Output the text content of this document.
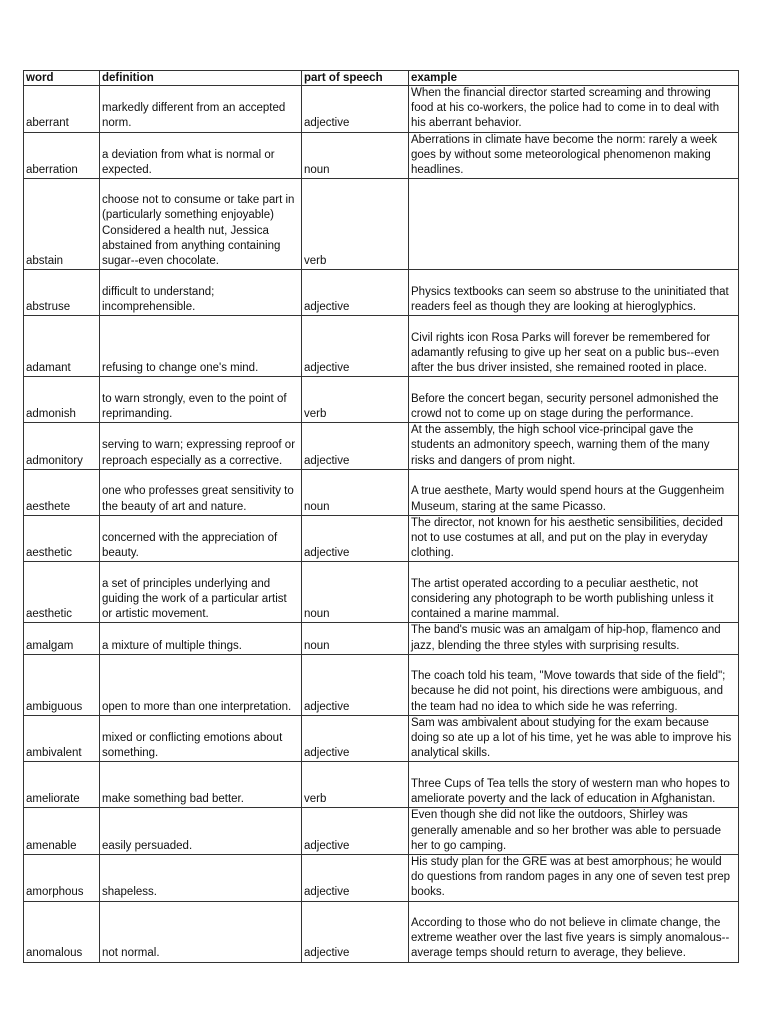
word	definition	part of speech	example
aberrant	markedly different from an accepted norm.	adjective	When the financial director started screaming and throwing food at his co-workers, the police had to come in to deal with his aberrant behavior.
aberration	a deviation from what is normal or expected.	noun	Aberrations in climate have become the norm: rarely a week goes by without some meteorological phenomenon making headlines.
abstain	choose not to consume or take part in (particularly something enjoyable) Considered a health nut, Jessica abstained from anything containing sugar--even chocolate.	verb	
abstruse	difficult to understand; incomprehensible.	adjective	Physics textbooks can seem so abstruse to the uninitiated that readers feel as though they are looking at hieroglyphics.
adamant	refusing to change one's mind.	adjective	Civil rights icon Rosa Parks will forever be remembered for adamantly refusing to give up her seat on a public bus--even after the bus driver insisted, she remained rooted in place.
admonish	to warn strongly, even to the point of reprimanding.	verb	Before the concert began, security personel admonished the crowd not to come up on stage during the performance.
admonitory	serving to warn; expressing reproof or reproach especially as a corrective.	adjective	At the assembly, the high school vice-principal gave the students an admonitory speech, warning them of the many risks and dangers of prom night.
aesthete	one who professes great sensitivity to the beauty of art and nature.	noun	A true aesthete, Marty would spend hours at the Guggenheim Museum, staring at the same Picasso.
aesthetic	concerned with the appreciation of beauty.	adjective	The director, not known for his aesthetic sensibilities, decided not to use costumes at all, and put on the play in everyday clothing.
aesthetic	a set of principles underlying and guiding the work of a particular artist or artistic movement.	noun	The artist operated according to a peculiar aesthetic, not considering any photograph to be worth publishing unless it contained a marine mammal.
amalgam	a mixture of multiple things.	noun	The band's music was an amalgam of hip-hop, flamenco and jazz, blending the three styles with surprising results.
ambiguous	open to more than one interpretation.	adjective	The coach told his team, "Move towards that side of the field"; because he did not point, his directions were ambiguous, and the team had no idea to which side he was referring.
ambivalent	mixed or conflicting emotions about something.	adjective	Sam was ambivalent about studying for the exam because doing so ate up a lot of his time, yet he was able to improve his analytical skills.
ameliorate	make something bad better.	verb	Three Cups of Tea tells the story of western man who hopes to ameliorate poverty and the lack of education in Afghanistan.
amenable	easily persuaded.	adjective	Even though she did not like the outdoors, Shirley was generally amenable and so her brother was able to persuade her to go camping.
amorphous	shapeless.	adjective	His study plan for the GRE was at best amorphous; he would do questions from random pages in any one of seven test prep books.
anomalous	not normal.	adjective	According to those who do not believe in climate change, the extreme weather over the last five years is simply anomalous--average temps should return to average, they believe.
